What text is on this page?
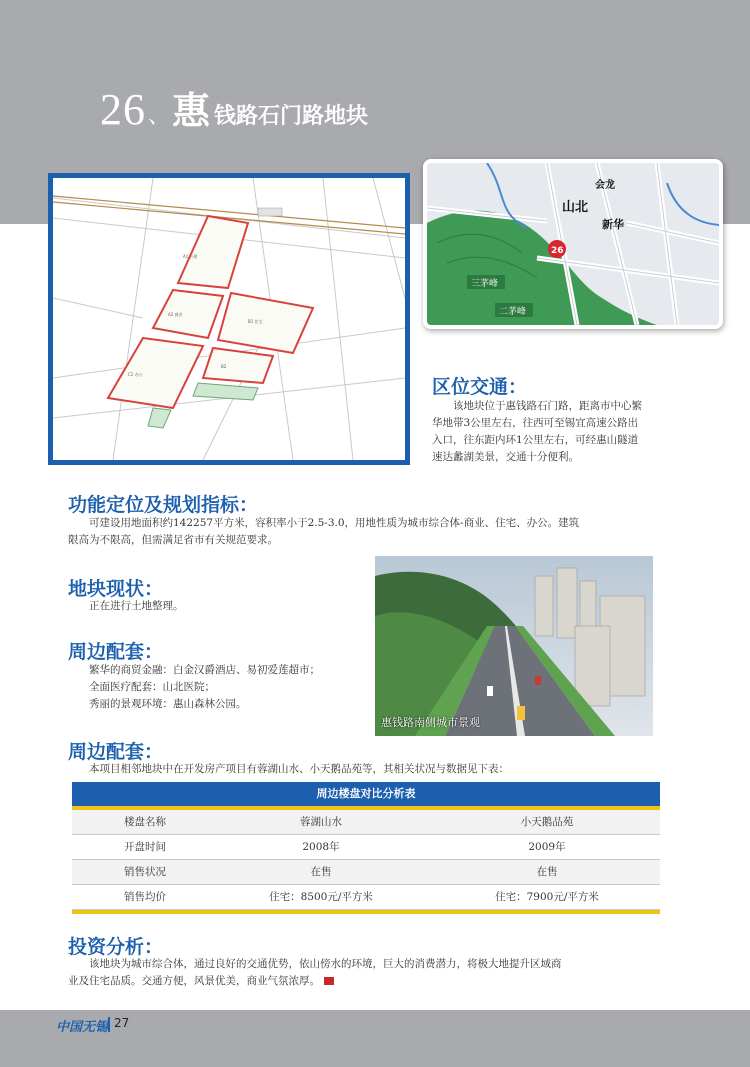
26 、 惠 钱路石门路地块
A1 公建
A2 商业
B1 住宅
C1 办公
B2
山北
会龙
新华
三茅峰
二茅峰
26
区位交通：
该地块位于惠钱路石门路，距离市中心繁
华地带3公里左右，往西可至锡宜高速公路出
入口，往东距内环1公里左右，可经惠山隧道
速达蠡湖美景，交通十分便利。
功能定位及规划指标：
可建设用地面积约142257平方米，容积率小于2.5-3.0，用地性质为城市综合体-商业、住宅、办公。建筑
限高为不限高，但需满足省市有关规范要求。
地块现状：
正在进行土地整理。
周边配套：
繁华的商贸金融：白金汉爵酒店、易初爱莲超市；
全面医疗配套：山北医院；
秀丽的景观环境：惠山森林公园。
惠钱路南侧城市景观
周边配套：
本项目相邻地块中在开发房产项目有蓉湖山水、小天鹅品苑等，其相关状况与数据见下表：
周边楼盘对比分析表
楼盘名称	蓉湖山水	小天鹅品苑
开盘时间	2008年	2009年
销售状况	在售	在售
销售均价	住宅：8500元/平方米	住宅：7900元/平方米
投资分析：
该地块为城市综合体，通过良好的交通优势，依山傍水的环境，巨大的消费潜力，将极大地提升区域商
业及住宅品质。交通方便，风景优美，商业气氛浓厚。
中国无锡 27
